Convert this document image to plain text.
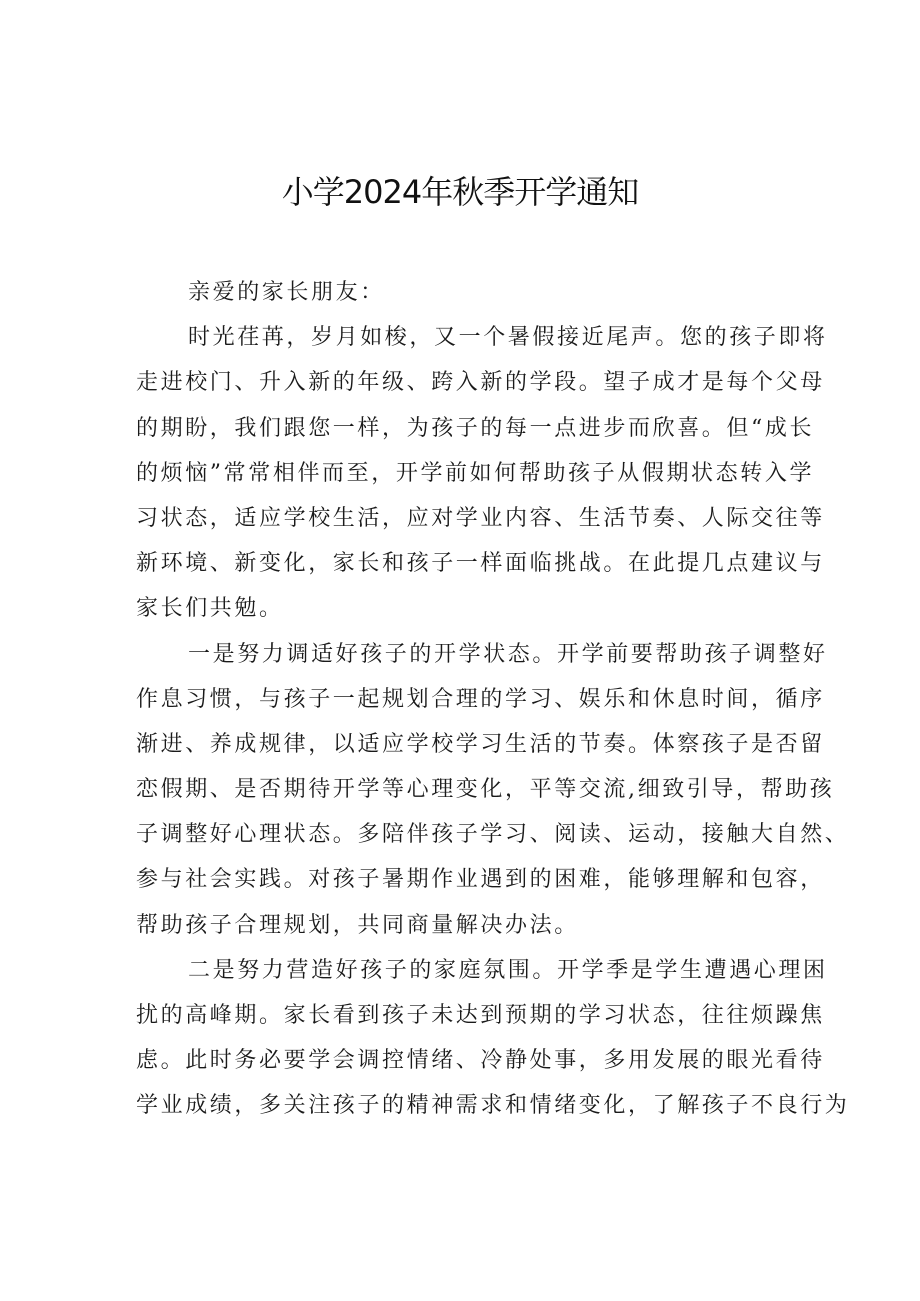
小学2024年秋季开学通知
亲爱的家长朋友：
时光荏苒，岁月如梭，又一个暑假接近尾声。您的孩子即将
走进校门、升入新的年级、跨入新的学段。望子成才是每个父母
的期盼，我们跟您一样，为孩子的每一点进步而欣喜。但“成长
的烦恼”常常相伴而至，开学前如何帮助孩子从假期状态转入学
习状态，适应学校生活，应对学业内容、生活节奏、人际交往等
新环境、新变化，家长和孩子一样面临挑战。在此提几点建议与
家长们共勉。
一是努力调适好孩子的开学状态。开学前要帮助孩子调整好
作息习惯，与孩子一起规划合理的学习、娱乐和休息时间，循序
渐进、养成规律，以适应学校学习生活的节奏。体察孩子是否留
恋假期、是否期待开学等心理变化，平等交流,细致引导，帮助孩
子调整好心理状态。多陪伴孩子学习、阅读、运动，接触大自然、
参与社会实践。对孩子暑期作业遇到的困难，能够理解和包容，
帮助孩子合理规划，共同商量解决办法。
二是努力营造好孩子的家庭氛围。开学季是学生遭遇心理困
扰的高峰期。家长看到孩子未达到预期的学习状态，往往烦躁焦
虑。此时务必要学会调控情绪、冷静处事，多用发展的眼光看待
学业成绩，多关注孩子的精神需求和情绪变化，了解孩子不良行为
